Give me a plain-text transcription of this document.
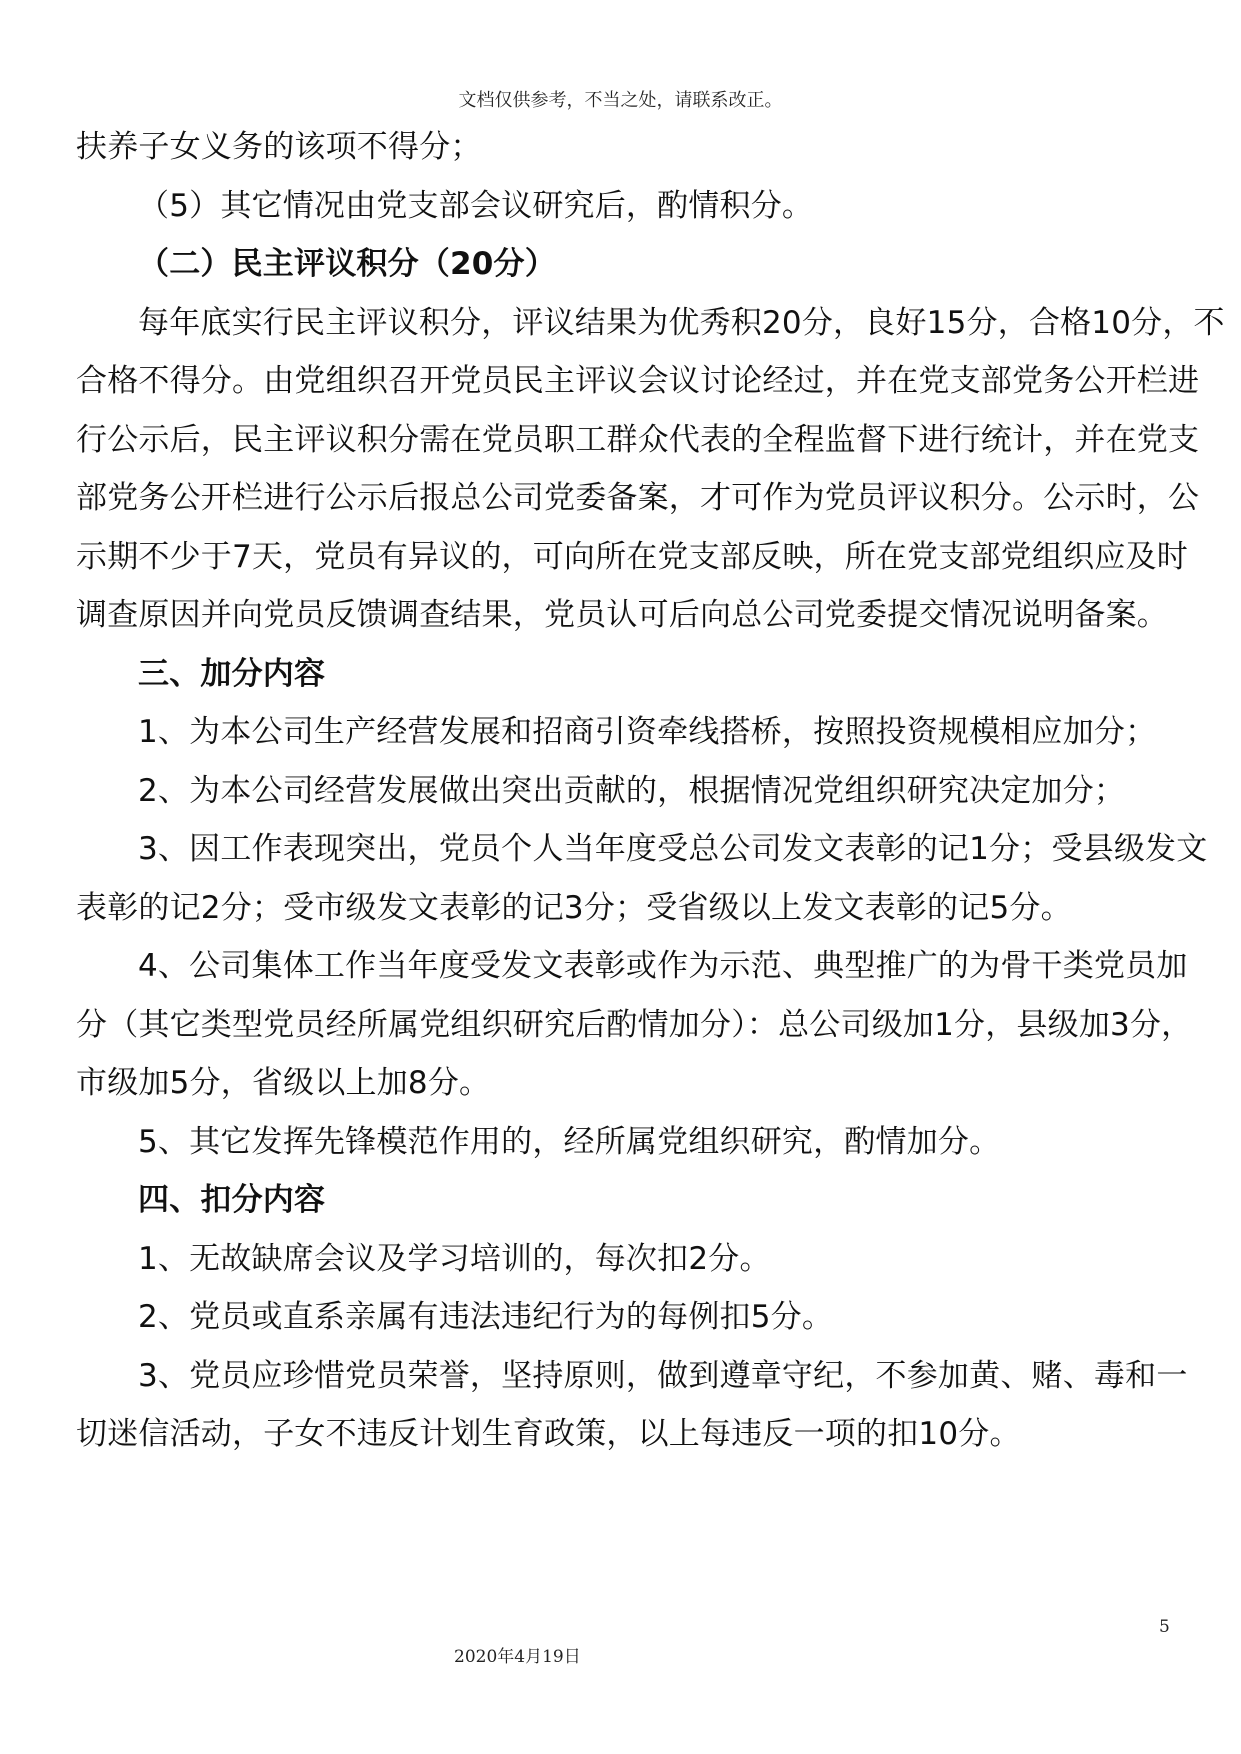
文档仅供参考，不当之处，请联系改正。
扶养子女义务的该项不得分；
（5）其它情况由党支部会议研究后，酌情积分。
（二）民主评议积分（20分）
每年底实行民主评议积分，评议结果为优秀积20分，良好15分，合格10分，不
合格不得分。由党组织召开党员民主评议会议讨论经过，并在党支部党务公开栏进
行公示后，民主评议积分需在党员职工群众代表的全程监督下进行统计，并在党支
部党务公开栏进行公示后报总公司党委备案，才可作为党员评议积分。公示时，公
示期不少于7天，党员有异议的，可向所在党支部反映，所在党支部党组织应及时
调查原因并向党员反馈调查结果，党员认可后向总公司党委提交情况说明备案。
三、加分内容
1、为本公司生产经营发展和招商引资牵线搭桥，按照投资规模相应加分；
2、为本公司经营发展做出突出贡献的，根据情况党组织研究决定加分；
3、因工作表现突出，党员个人当年度受总公司发文表彰的记1分；受县级发文
表彰的记2分；受市级发文表彰的记3分；受省级以上发文表彰的记5分。
4、公司集体工作当年度受发文表彰或作为示范、典型推广的为骨干类党员加
分（其它类型党员经所属党组织研究后酌情加分）：总公司级加1分，县级加3分，
市级加5分，省级以上加8分。
5、其它发挥先锋模范作用的，经所属党组织研究，酌情加分。
四、扣分内容
1、无故缺席会议及学习培训的，每次扣2分。
2、党员或直系亲属有违法违纪行为的每例扣5分。
3、党员应珍惜党员荣誉，坚持原则，做到遵章守纪，不参加黄、赌、毒和一
切迷信活动，子女不违反计划生育政策，以上每违反一项的扣10分。
5
2020年4月19日
